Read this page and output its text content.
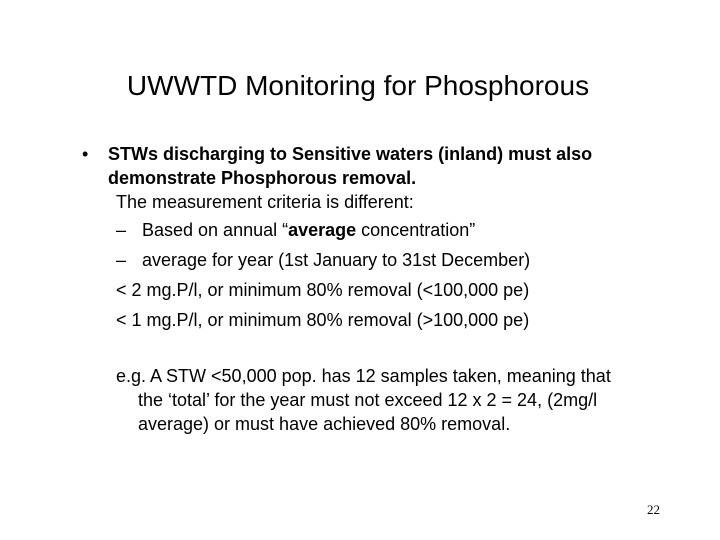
UWWTD Monitoring for Phosphorous
• STWs discharging to Sensitive waters (inland) must also demonstrate Phosphorous removal.
The measurement criteria is different:
– Based on annual “average concentration”
– average for year (1st January to 31st December)
< 2 mg.P/l, or minimum 80% removal (<100,000 pe)
< 1 mg.P/l, or minimum 80% removal (>100,000 pe)
e.g. A STW <50,000 pop. has 12 samples taken, meaning that
the ‘total’ for the year must not exceed 12 x 2 = 24, (2mg/l
average) or must have achieved 80% removal.
22
